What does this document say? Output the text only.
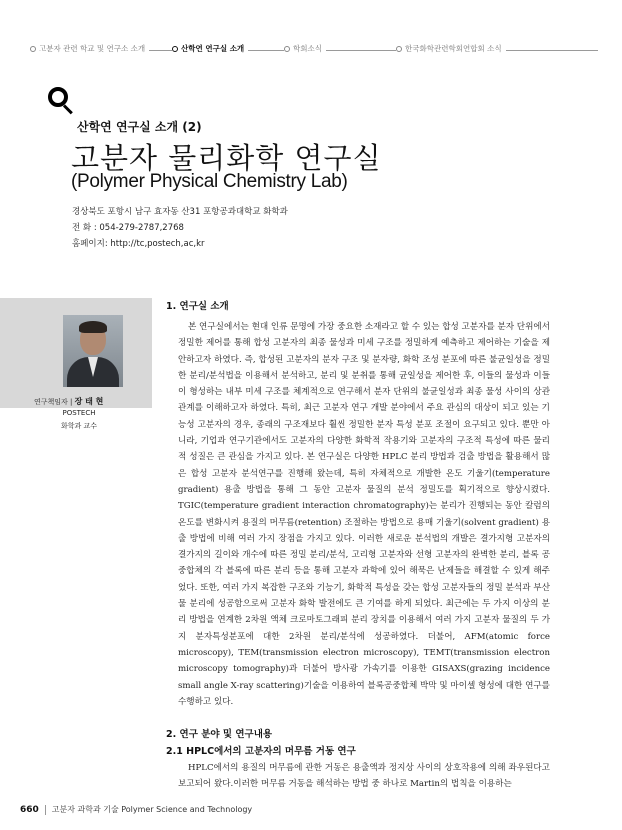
고분자 관련 학교 및 연구소 소개	산학연 연구실 소개	학회소식	한국화학관련학회연합회 소식
산학연 연구실 소개 (2)
고분자 물리화학 연구실
(Polymer Physical Chemistry Lab)
경상북도 포항시 남구 효자동 산31 포항공과대학교 화학과
전 화 : 054-279-2787,2768
홈페이지: http://tc,postech,ac,kr
연구책임자 | 장 태 현
POSTECH
화학과 교수
1. 연구실 소개

본 연구실에서는 현대 인류 문명에 가장 중요한 소재라고 할 수 있는 합성 고분자를 분자 단위에서 정밀한 제어를 통해 합성 고분자의 최종 물성과 미세 구조를 정밀하게 예측하고 제어하는 기술을 제안하고자 하였다. 즉, 합성된 고분자의 분자 구조 및 분자량, 화학 조성 분포에 따른 불균일성을 정밀한 분리/분석법을 이용해서 분석하고, 분리 및 분취를 통해 균일성을 제어한 후, 이들의 물성과 이들이 형성하는 내부 미세 구조를 체계적으로 연구해서 분자 단위의 불균일성과 최종 물성 사이의 상관관계를 이해하고자 하였다. 특히, 최근 고분자 연구 개발 분야에서 주요 관심의 대상이 되고 있는 기능성 고분자의 경우, 종래의 구조재보다 훨씬 정밀한 분자 특성 분포 조절이 요구되고 있다. 뿐만 아니라, 기업과 연구기관에서도 고분자의 다양한 화학적 작용기와 고분자의 구조적 특성에 따른 물리적 성질은 큰 관심을 가지고 있다. 본 연구실은 다양한 HPLC 분리 방법과 검출 방법을 활용해서 많은 합성 고분자 분석연구를 진행해 왔는데, 특히 자체적으로 개발한 온도 기울기(temperature gradient) 용출 방법을 통해 그 동안 고분자 물질의 분석 정밀도를 획기적으로 향상시켰다. TGIC(temperature gradient interaction chromatography)는 분리가 진행되는 동안 칼럼의 온도를 변화시켜 용질의 머무름(retention) 조절하는 방법으로 용매 기울기(solvent gradient) 용출 방법에 비해 여러 가지 장점을 가지고 있다. 이러한 새로운 분석법의 개발은 결가지형 고분자의 결가지의 길이와 개수에 따른 정밀 분리/분석, 고리형 고분자와 선형 고분자의 완벽한 분리, 블록 공중합체의 각 블록에 따른 분리 등을 통해 고분자 과학에 있어 해묵은 난제들을 해결할 수 있게 해주었다. 또한, 여러 가지 복잡한 구조와 기능기, 화학적 특성을 갖는 합성 고분자들의 정밀 분석과 부산물 분리에 성공함으로써 고분자 화학 발전에도 큰 기여를 하게 되었다. 최근에는 두 가지 이상의 분리 방법을 연계한 2차원 액체 크로마토그래피 분리 장치를 이용해서 여러 가지 고분자 물질의 두 가지 분자특성분포에 대한 2차원 분리/분석에 성공하였다. 더불어, AFM(atomic force microscopy), TEM(transmission electron microscopy), TEMT(transmission electron microscopy tomography)과 더불어 방사광 가속기를 이용한 GISAXS(grazing incidence small angle X-ray scattering)기술을 이용하여 블록공중합체 박막 및 마이셀 형성에 대한 연구를 수행하고 있다.

2. 연구 분야 및 연구내용
2.1 HPLC에서의 고분자의 머무름 거동 연구

HPLC에서의 용질의 머무름에 관한 거동은 용출액과 정지상 사이의 상호작용에 의해 좌우된다고 보고되어 왔다.이러한 머무름 거동을 해석하는 방법 중 하나로 Martin의 법칙을 이용하는

660 고분자 과학과 기술 Polymer Science and Technology
